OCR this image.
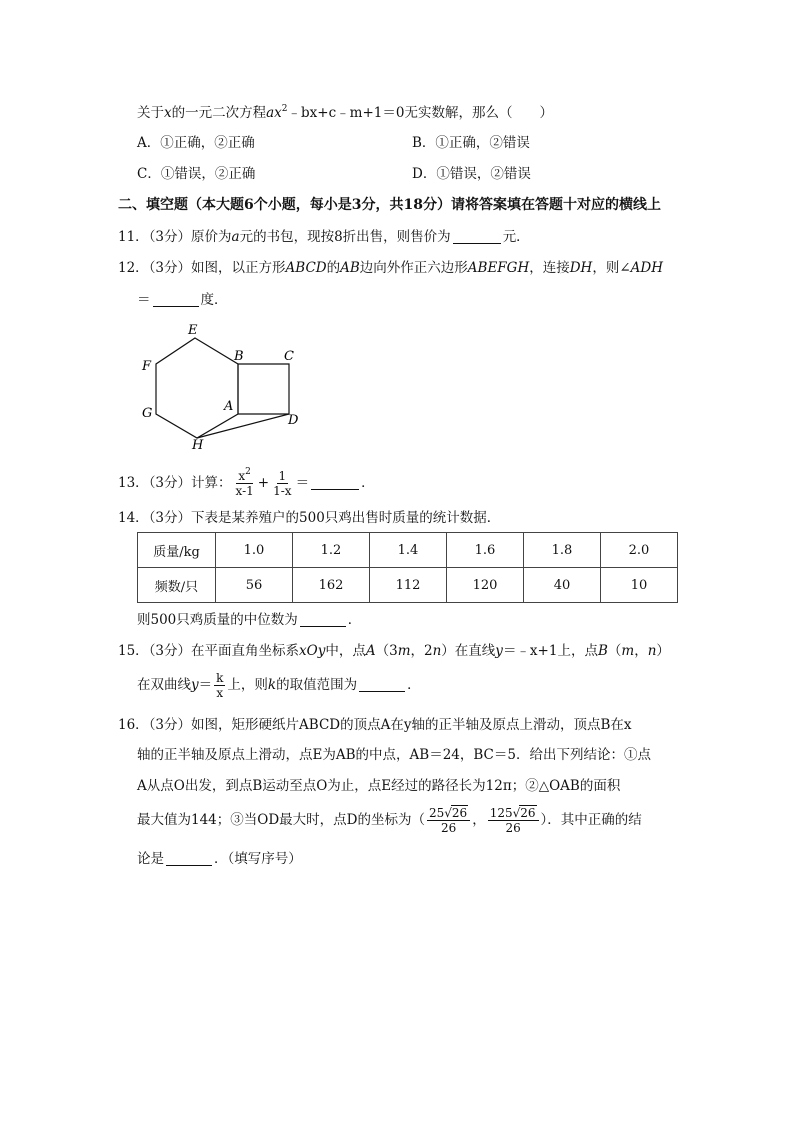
关于x的一元二次方程$ax^2﹣bx+c﹣m+1=0$无实数解，那么（　　）
A．①正确，②正确	B．①正确，②错误
C．①错误，②正确	D．①错误，②错误
二、填空题（本大题6个小题，每小是3分，共18分）请将答案填在答题十对应的横线上
11．（3分）原价为a元的书包，现按8折出售，则售价为	元．
12．（3分）如图，以正方形ABCD的AB边向外作正六边形ABEFGH，连接DH，则∠ADH
＝	度．
E
F
G
H
A
B	C
D
13．（3分）计算： $\frac{x^2}{x-1} + \frac{1}{1-x}$ ＝	．
14．（3分）下表是某养殖户的500只鸡出售时质量的统计数据．
质量/kg	1.0	1.2	1.4	1.6	1.8	2.0
频数/只	56	162	112	120	40	10
则500只鸡质量的中位数为	．
15．（3分）在平面直角坐标系xOy中，点A（3m，2n）在直线y＝﹣x+1上，点B（m，n）
在双曲线$y= \frac{k}{x}$ 上，则k的取值范围为	．
16．（3分）如图，矩形硬纸片ABCD的顶点A在y轴的正半轴及原点上滑动，顶点B在x
轴的正半轴及原点上滑动，点E为AB的中点，AB＝24，BC＝5．给出下列结论：①点
A从点O出发，到点B运动至点O为止，点E经过的路径长为12π；②△OAB的面积
最大值为144；③当OD最大时，点D的坐标为（ $\frac{25√26}{26}$ ， $\frac{125√26}{26}$ ）．其中正确的结
论是	．（填写序号）
